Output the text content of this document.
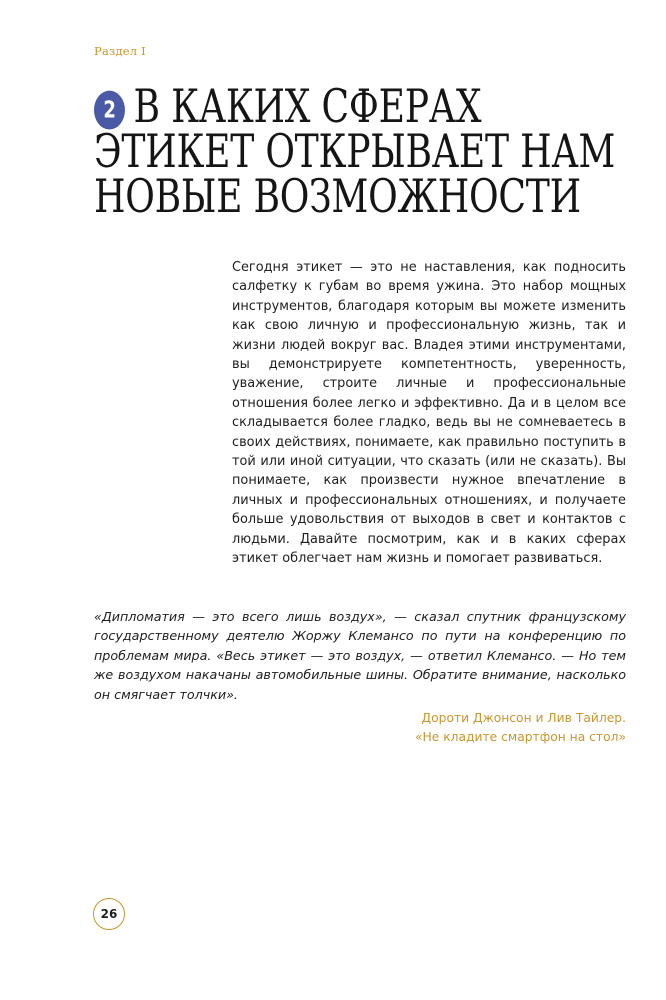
Раздел I
2 В КАКИХ СФЕРАХ
ЭТИКЕТ ОТКРЫВАЕТ НАМ
НОВЫЕ ВОЗМОЖНОСТИ

Сегодня этикет — это не наставления, как подносить салфетку к губам во время ужина. Это набор мощных инструментов, благодаря которым вы можете изменить как свою личную и профессиональную жизнь, так и жизни людей вокруг вас. Владея этими инструментами, вы демонстрируете компетентность, уверенность, уважение, строите личные и профессиональные отношения более легко и эффективно. Да и в целом все складывается более гладко, ведь вы не сомневаетесь в своих действиях, понимаете, как правильно поступить в той или иной ситуации, что сказать (или не сказать). Вы понимаете, как произвести нужное впечатление в личных и профессиональных отношениях, и получаете больше удовольствия от выходов в свет и контактов с людьми. Давайте посмотрим, как и в каких сферах этикет облегчает нам жизнь и помогает развиваться.

«Дипломатия — это всего лишь воздух», — сказал спутник французскому государственному деятелю Жоржу Клемансо по пути на конференцию по проблемам мира. «Весь этикет — это воздух, — ответил Клемансо. — Но тем же воздухом накачаны автомобильные шины. Обратите внимание, насколько он смягчает толчки».

Дороти Джонсон и Лив Тайлер.
«Не кладите смартфон на стол»
26
